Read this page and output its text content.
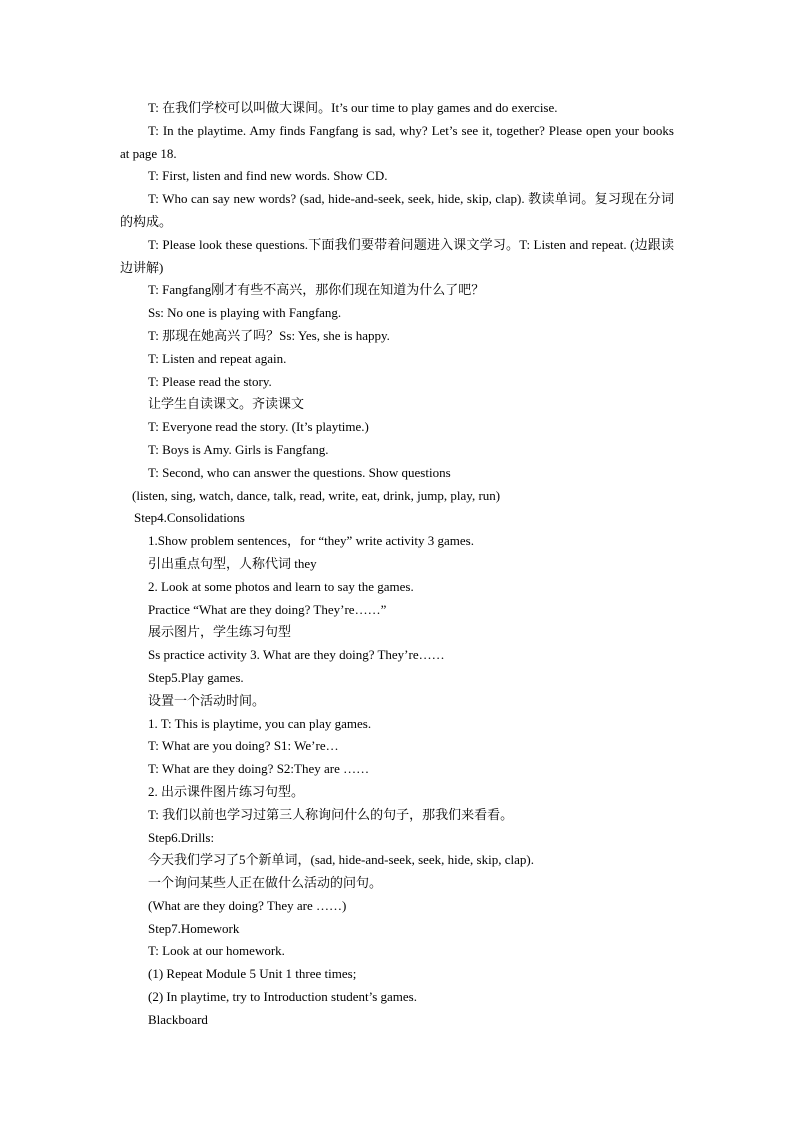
T: 在我们学校可以叫做大课间。It’s our time to play games and do exercise.
T: In the playtime. Amy finds Fangfang is sad, why? Let’s see it, together? Please open your books at page 18.
T: First, listen and find new words. Show CD.
T: Who can say new words? (sad, hide-and-seek, seek, hide, skip, clap). 教读单词。复习现在分词的构成。
T: Please look these questions.下面我们要带着问题进入课文学习。T: Listen and repeat. (边跟读边讲解)
T: Fangfang刚才有些不高兴，那你们现在知道为什么了吧？
Ss: No one is playing with Fangfang.
T: 那现在她高兴了吗？Ss: Yes, she is happy.
T: Listen and repeat again.
T: Please read the story.
让学生自读课文。齐读课文
T: Everyone read the story. (It’s playtime.)
T: Boys is Amy. Girls is Fangfang.
T: Second, who can answer the questions. Show questions
(listen, sing, watch, dance, talk, read, write, eat, drink, jump, play, run)
Step4.Consolidations
1.Show problem sentences，for “they” write activity 3 games.
引出重点句型，人称代词 they
2. Look at some photos and learn to say the games.
Practice “What are they doing? They’re……”
展示图片，学生练习句型
Ss practice activity 3. What are they doing? They’re……
Step5.Play games.
设置一个活动时间。
1. T: This is playtime, you can play games.
T: What are you doing? S1: We’re…
T: What are they doing? S2:They are ……
2. 出示课件图片练习句型。
T: 我们以前也学习过第三人称询问什么的句子，那我们来看看。
Step6.Drills:
今天我们学习了5个新单词，(sad, hide-and-seek, seek, hide, skip, clap).
一个询问某些人正在做什么活动的问句。
(What are they doing? They are ……)
Step7.Homework
T: Look at our homework.
(1) Repeat Module 5 Unit 1 three times;
(2) In playtime, try to Introduction student’s games.
Blackboard
